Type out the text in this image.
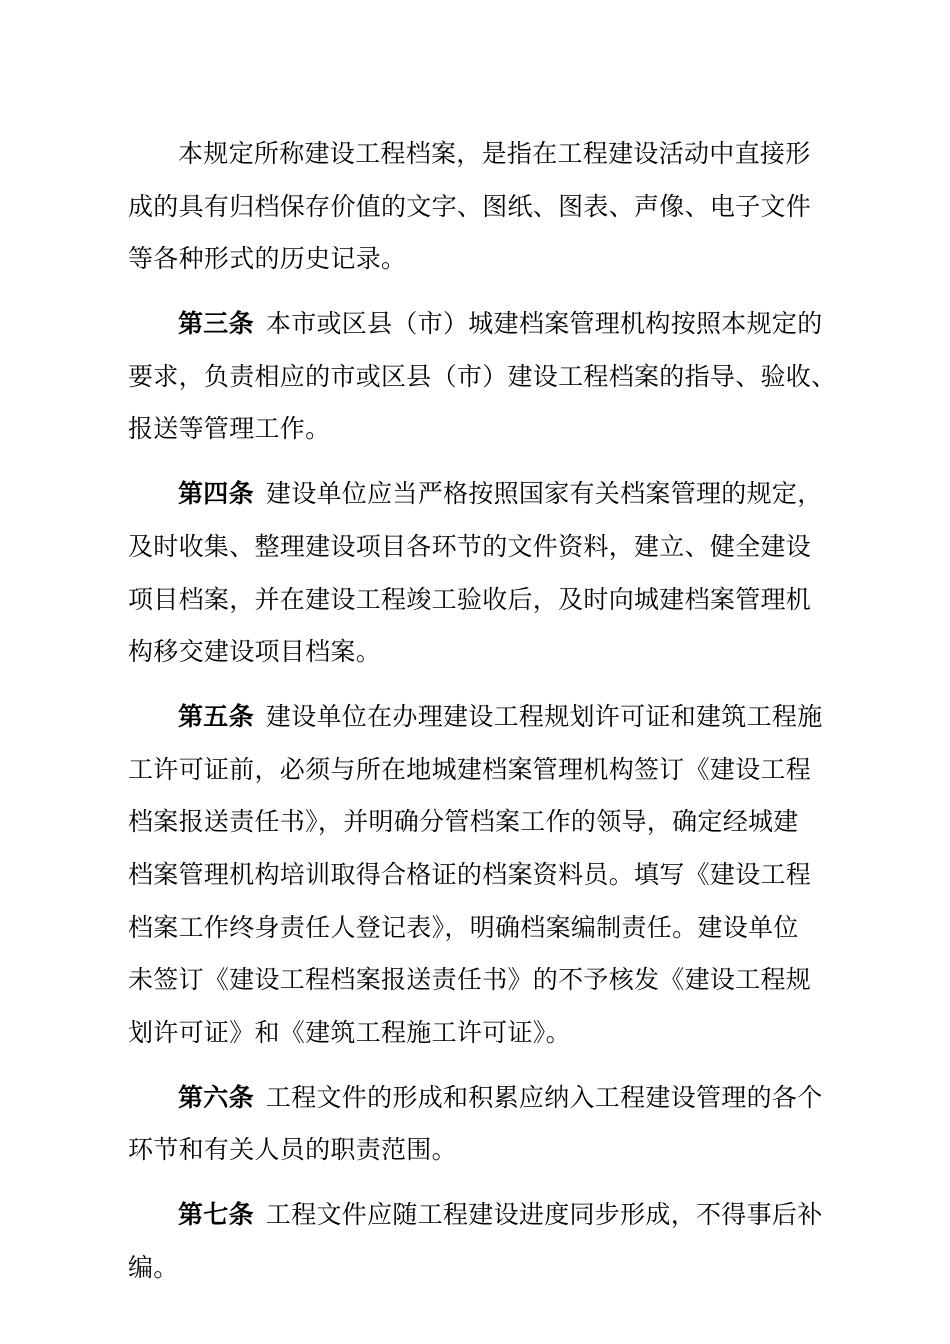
本规定所称建设工程档案，是指在工程建设活动中直接形
成的具有归档保存价值的文字、图纸、图表、声像、电子文件
等各种形式的历史记录。
第三条 本市或区县（市）城建档案管理机构按照本规定的
要求，负责相应的市或区县（市）建设工程档案的指导、验收、
报送等管理工作。
第四条 建设单位应当严格按照国家有关档案管理的规定，
及时收集、整理建设项目各环节的文件资料，建立、健全建设
项目档案，并在建设工程竣工验收后，及时向城建档案管理机
构移交建设项目档案。
第五条 建设单位在办理建设工程规划许可证和建筑工程施
工许可证前，必须与所在地城建档案管理机构签订《建设工程
档案报送责任书》，并明确分管档案工作的领导，确定经城建
档案管理机构培训取得合格证的档案资料员。填写《建设工程
档案工作终身责任人登记表》，明确档案编制责任。建设单位
未签订《建设工程档案报送责任书》的不予核发《建设工程规
划许可证》和《建筑工程施工许可证》。
第六条 工程文件的形成和积累应纳入工程建设管理的各个
环节和有关人员的职责范围。
第七条 工程文件应随工程建设进度同步形成，不得事后补
编。
